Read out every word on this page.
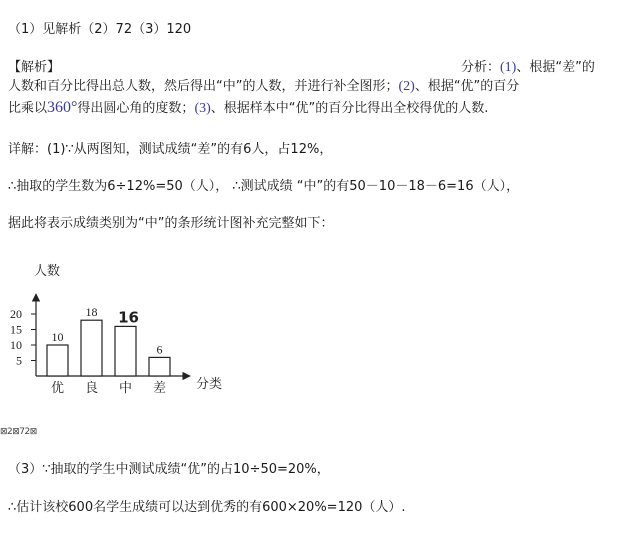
（1）见解析（2）72（3）120
【解析】	分析：(1)、根据“差”的
人数和百分比得出总人数，然后得出“中”的人数，并进行补全图形；(2)、根据“优”的百分
比乘以360°得出圆心角的度数；(3)、根据样本中“优”的百分比得出全校得优的人数.
详解：(1)∵从两图知，测试成绩“差”的有6人，占12%，
∴抽取的学生数为6÷12%=50（人）， ∴测试成绩 “中”的有50－10－18－6=16（人），
据此将表示成绩类别为“中”的条形统计图补充完整如下：
人数
分类
5
10
15
20
10
优
18
良
16
中
6
差
⊠2⊠72⊠
（3）∵抽取的学生中测试成绩“优”的占10÷50=20%，
∴估计该校600名学生成绩可以达到优秀的有600×20%=120（人）.
